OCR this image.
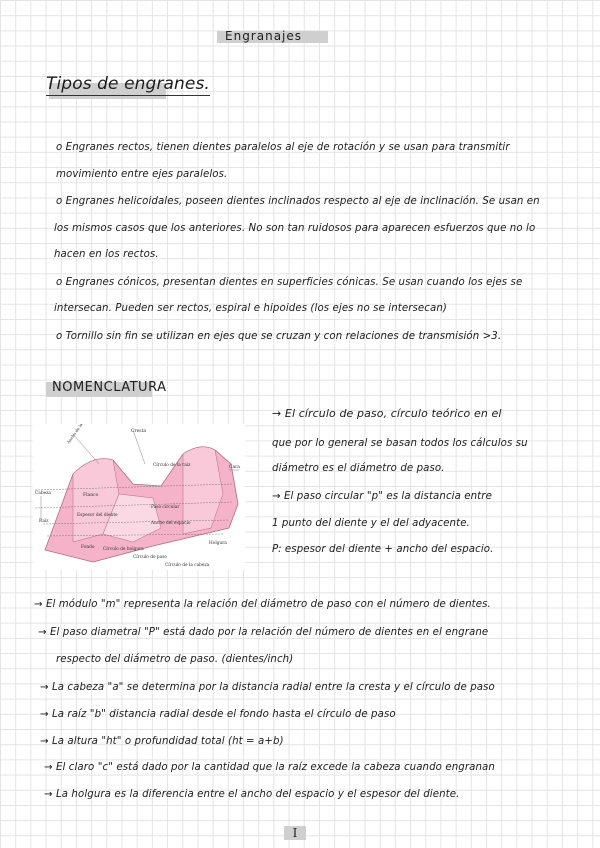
Engranajes
Tipos de engranes.
o Engranes rectos, tienen dientes paralelos al eje de rotación y se usan para transmitir
movimiento entre ejes paralelos.
o Engranes helicoidales, poseen dientes inclinados respecto al eje de inclinación. Se usan en
los mismos casos que los anteriores. No son tan ruidosos para aparecen esfuerzos que no lo
hacen en los rectos.
o Engranes cónicos, presentan dientes en superficies cónicas. Se usan cuando los ejes se
intersecan. Pueden ser rectos, espiral e hipoides (los ejes no se intersecan)
o Tornillo sin fin se utilizan en ejes que se cruzan y con relaciones de transmisión >3.
NOMENCLATURA
Cresta
Círculo de la raíz
Flanco
Cara
Espesor del diente
Ancho del espacio
Paso circular
Cabeza
Raíz
Holgura
Círculo de holgura
Círculo de paso
Fondo
Círculo de la cabeza
→ El círculo de paso, círculo teórico en el
que por lo general se basan todos los cálculos su
diámetro es el diámetro de paso.
→ El paso circular "p" es la distancia entre
1 punto del diente y el del adyacente.
P: espesor del diente + ancho del espacio.
→ El módulo "m" representa la relación del diámetro de paso con el número de dientes.
→ El paso diametral "P" está dado por la relación del número de dientes en el engrane
respecto del diámetro de paso. (dientes/inch)
→ La cabeza "a" se determina por la distancia radial entre la cresta y el círculo de paso
→ La raíz "b" distancia radial desde el fondo hasta el círculo de paso
→ La altura "ht" o profundidad total (ht = a+b)
→ El claro "c" está dado por la cantidad que la raíz excede la cabeza cuando engranan
→ La holgura es la diferencia entre el ancho del espacio y el espesor del diente.
I
